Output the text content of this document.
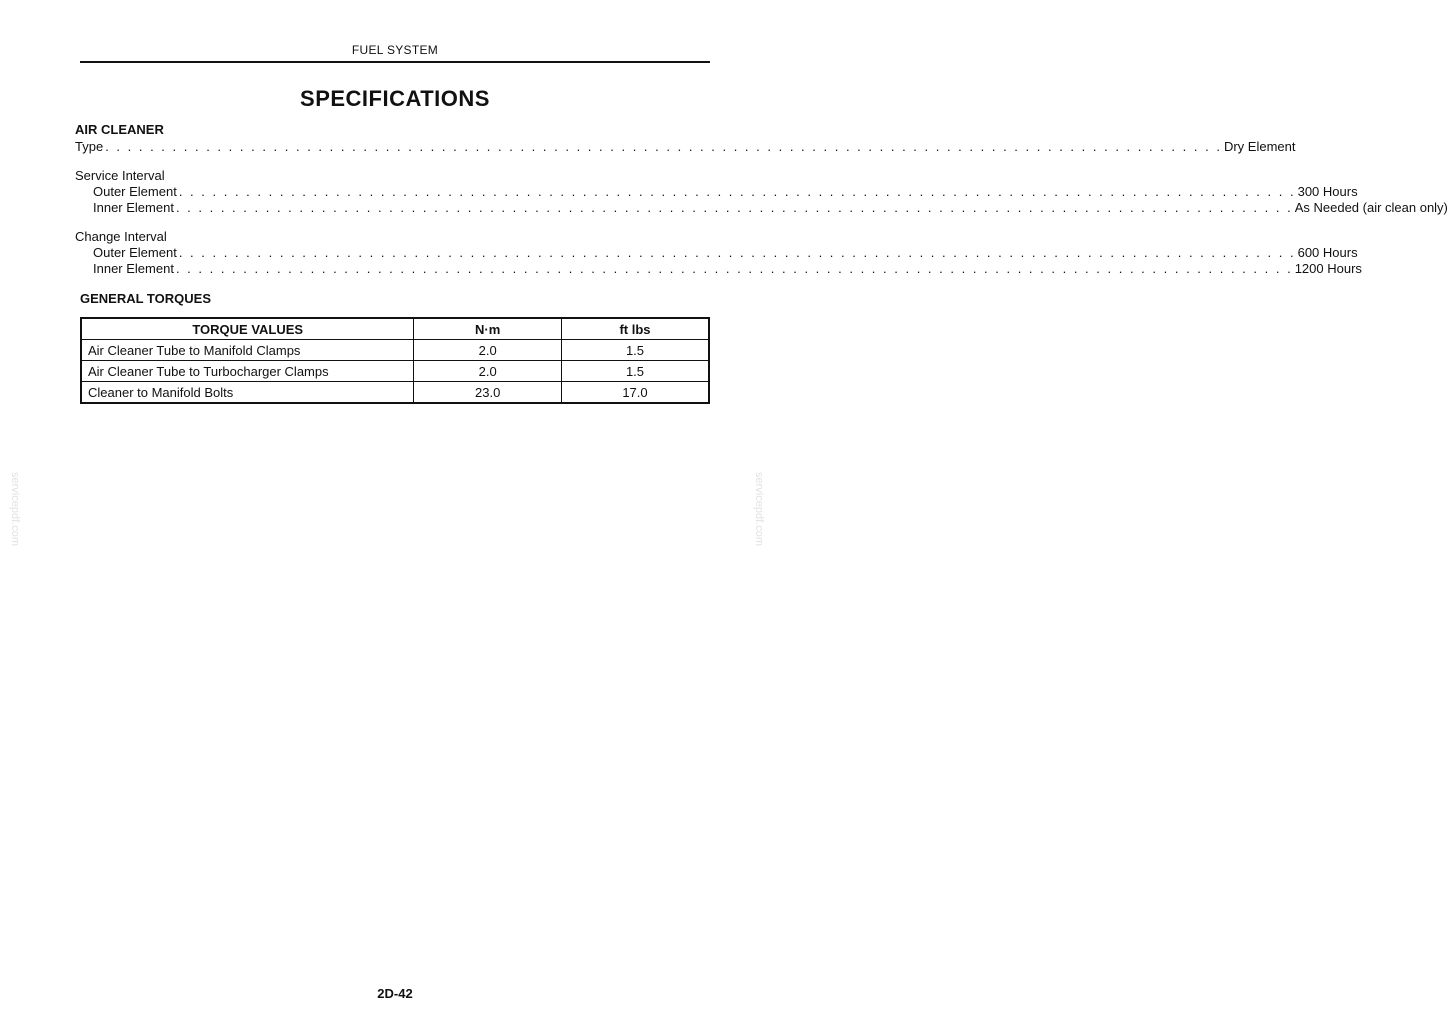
FUEL SYSTEM
SPECIFICATIONS
AIR CLEANER
Type . . . . . . . . . . . . . . . . . . . . . . . . . . . . . . . . . . . . . . . . . . . . . . . . . . . . . . . . . . . . . . . . . . . . . . . . . . . . . . . . . . . . . . . . . . . . . . . . . . . . Dry Element
Service Interval
Outer Element . . . . . . . . . . . . . . . . . . . . . . . . . . . . . . . . . . . . . . . . . . . . . . . . . . . . . . . . . . . . . . . . . . . . . . . . . . . . . . . . . . . . . . . . . . . . . . . . . . . . 300 Hours
Inner Element . . . . . . . . . . . . . . . . . . . . . . . . . . . . . . . . . . . . . . . . . . . . . . . . . . . . . . . . . . . . . . . . . . . . . . . . . . . . . . . . . . . . . . . . . . . . . . . . . . . . As Needed (air clean only)
Change Interval
Outer Element . . . . . . . . . . . . . . . . . . . . . . . . . . . . . . . . . . . . . . . . . . . . . . . . . . . . . . . . . . . . . . . . . . . . . . . . . . . . . . . . . . . . . . . . . . . . . . . . . . . . 600 Hours
Inner Element . . . . . . . . . . . . . . . . . . . . . . . . . . . . . . . . . . . . . . . . . . . . . . . . . . . . . . . . . . . . . . . . . . . . . . . . . . . . . . . . . . . . . . . . . . . . . . . . . . . . 1200 Hours
GENERAL TORQUES
TORQUE VALUES	N·m	ft lbs
Air Cleaner Tube to Manifold Clamps	2.0	1.5
Air Cleaner Tube to Turbocharger Clamps	2.0	1.5
Cleaner to Manifold Bolts	23.0	17.0
servicepdf.com	servicepdf.com
2D-42
